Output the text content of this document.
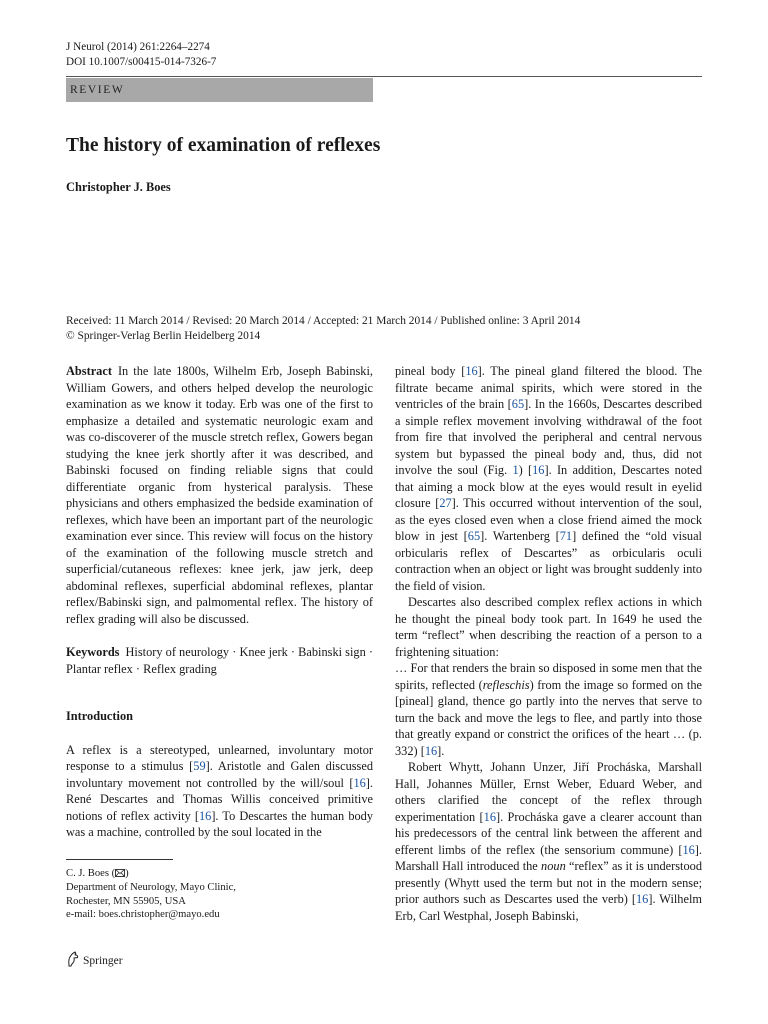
J Neurol (2014) 261:2264–2274
DOI 10.1007/s00415-014-7326-7
REVIEW
The history of examination of reflexes
Christopher J. Boes
Received: 11 March 2014 / Revised: 20 March 2014 / Accepted: 21 March 2014 / Published online: 3 April 2014
© Springer-Verlag Berlin Heidelberg 2014

Abstract In the late 1800s, Wilhelm Erb, Joseph Babinski, William Gowers, and others helped develop the neurologic examination as we know it today. Erb was one of the first to emphasize a detailed and systematic neurologic exam and was co-discoverer of the muscle stretch reflex, Gowers began studying the knee jerk shortly after it was described, and Babinski focused on finding reliable signs that could differentiate organic from hysterical paralysis. These physicians and others emphasized the bedside examination of reflexes, which have been an important part of the neurologic examination ever since. This review will focus on the history of the examination of the following muscle stretch and superficial/cutaneous reflexes: knee jerk, jaw jerk, deep abdominal reflexes, superficial abdominal reflexes, plantar reflex/Babinski sign, and palmomental reflex. The history of reflex grading will also be discussed.

Keywords History of neurology · Knee jerk · Babinski sign · Plantar reflex · Reflex grading

Introduction

A reflex is a stereotyped, unlearned, involuntary motor response to a stimulus [59]. Aristotle and Galen discussed involuntary movement not controlled by the will/soul [16]. René Descartes and Thomas Willis conceived primitive notions of reflex activity [16]. To Descartes the human body was a machine, controlled by the soul located in the

pineal body [16]. The pineal gland filtered the blood. The filtrate became animal spirits, which were stored in the ventricles of the brain [65]. In the 1660s, Descartes described a simple reflex movement involving withdrawal of the foot from fire that involved the peripheral and central nervous system but bypassed the pineal body and, thus, did not involve the soul (Fig. 1) [16]. In addition, Descartes noted that aiming a mock blow at the eyes would result in eyelid closure [27]. This occurred without intervention of the soul, as the eyes closed even when a close friend aimed the mock blow in jest [65]. Wartenberg [71] defined the “old visual orbicularis reflex of Descartes” as orbicularis oculi contraction when an object or light was brought suddenly into the field of vision.

Descartes also described complex reflex actions in which he thought the pineal body took part. In 1649 he used the term “reflect” when describing the reaction of a person to a frightening situation:

… For that renders the brain so disposed in some men that the spirits, reflected (refleschis) from the image so formed on the [pineal] gland, thence go partly into the nerves that serve to turn the back and move the legs to flee, and partly into those that greatly expand or constrict the orifices of the heart … (p. 332) [16].

Robert Whytt, Johann Unzer, Jiří Procháska, Marshall Hall, Johannes Müller, Ernst Weber, Eduard Weber, and others clarified the concept of the reflex through experimentation [16]. Procháska gave a clearer account than his predecessors of the central link between the afferent and efferent limbs of the reflex (the sensorium commune) [16]. Marshall Hall introduced the noun “reflex” as it is understood presently (Whytt used the term but not in the modern sense; prior authors such as Descartes used the verb) [16]. Wilhelm Erb, Carl Westphal, Joseph Babinski,

C. J. Boes ( )
Department of Neurology, Mayo Clinic,
Rochester, MN 55905, USA
e-mail: boes.christopher@mayo.edu
Springer
